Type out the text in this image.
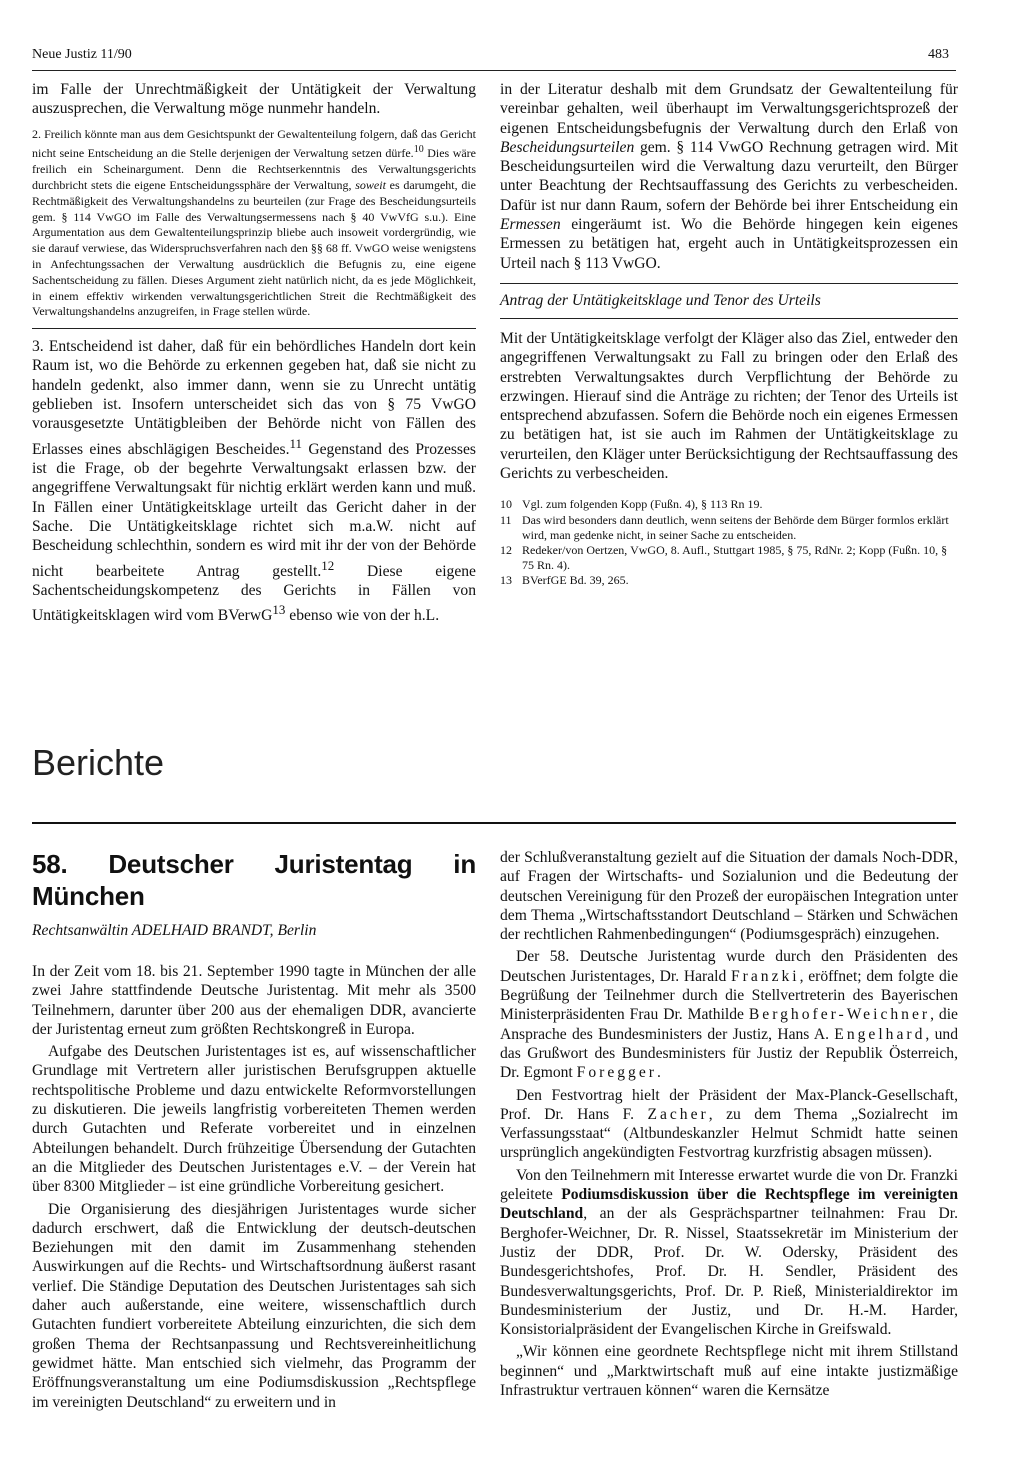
Neue Justiz 11/90	483

im Falle der Unrechtmäßigkeit der Untätigkeit der Verwaltung auszusprechen, die Verwaltung möge nunmehr handeln.

2. Freilich könnte man aus dem Gesichtspunkt der Gewaltenteilung folgern, daß das Gericht nicht seine Entscheidung an die Stelle derjenigen der Verwaltung setzen dürfe.$^{10}$ Dies wäre freilich ein Scheinargument. Denn die Rechtserkenntnis des Verwaltungsgerichts durchbricht stets die eigene Entscheidungssphäre der Verwaltung, soweit es darumgeht, die Rechtmäßigkeit des Verwaltungshandelns zu beurteilen (zur Frage des Bescheidungsurteils gem. § 114 VwGO im Falle des Verwaltungsermessens nach § 40 VwVfG s.u.). Eine Argumentation aus dem Gewaltenteilungsprinzip bliebe auch insoweit vordergründig, wie sie darauf verwiese, das Widerspruchsverfahren nach den §§ 68 ff. VwGO weise wenigstens in Anfechtungssachen der Verwaltung ausdrücklich die Befugnis zu, eine eigene Sachentscheidung zu fällen. Dieses Argument zieht natürlich nicht, da es jede Möglichkeit, in einem effektiv wirkenden verwaltungsgerichtlichen Streit die Rechtmäßigkeit des Verwaltungshandelns anzugreifen, in Frage stellen würde.

3. Entscheidend ist daher, daß für ein behördliches Handeln dort kein Raum ist, wo die Behörde zu erkennen gegeben hat, daß sie nicht zu handeln gedenkt, also immer dann, wenn sie zu Unrecht untätig geblieben ist. Insofern unterscheidet sich das von § 75 VwGO vorausgesetzte Untätigbleiben der Behörde nicht von Fällen des Erlasses eines abschlägigen Bescheides.$^{11}$ Gegenstand des Prozesses ist die Frage, ob der begehrte Verwaltungsakt erlassen bzw. der angegriffene Verwaltungsakt für nichtig erklärt werden kann und muß. In Fällen einer Untätigkeitsklage urteilt das Gericht daher in der Sache. Die Untätigkeitsklage richtet sich m.a.W. nicht auf Bescheidung schlechthin, sondern es wird mit ihr der von der Behörde nicht bearbeitete Antrag gestellt.$^{12}$ Diese eigene Sachentscheidungskompetenz des Gerichts in Fällen von Untätigkeitsklagen wird vom BVerwG$^{13}$ ebenso wie von der h.L.

in der Literatur deshalb mit dem Grundsatz der Gewaltenteilung für vereinbar gehalten, weil überhaupt im Verwaltungsgerichtsprozeß der eigenen Entscheidungsbefugnis der Verwaltung durch den Erlaß von Bescheidungsurteilen gem. § 114 VwGO Rechnung getragen wird. Mit Bescheidungsurteilen wird die Verwaltung dazu verurteilt, den Bürger unter Beachtung der Rechtsauffassung des Gerichts zu verbescheiden. Dafür ist nur dann Raum, sofern der Behörde bei ihrer Entscheidung ein Ermessen eingeräumt ist. Wo die Behörde hingegen kein eigenes Ermessen zu betätigen hat, ergeht auch in Untätigkeitsprozessen ein Urteil nach § 113 VwGO.

Antrag der Untätigkeitsklage und Tenor des Urteils

Mit der Untätigkeitsklage verfolgt der Kläger also das Ziel, entweder den angegriffenen Verwaltungsakt zu Fall zu bringen oder den Erlaß des erstrebten Verwaltungsaktes durch Verpflichtung der Behörde zu erzwingen. Hierauf sind die Anträge zu richten; der Tenor des Urteils ist entsprechend abzufassen. Sofern die Behörde noch ein eigenes Ermessen zu betätigen hat, ist sie auch im Rahmen der Untätigkeitsklage zu verurteilen, den Kläger unter Berücksichtigung der Rechtsauffassung des Gerichts zu verbescheiden.

10 Vgl. zum folgenden Kopp (Fußn. 4), § 113 Rn 19.
11 Das wird besonders dann deutlich, wenn seitens der Behörde dem Bürger formlos erklärt wird, man gedenke nicht, in seiner Sache zu entscheiden.
12 Redeker/von Oertzen, VwGO, 8. Aufl., Stuttgart 1985, § 75, RdNr. 2; Kopp (Fußn. 10, § 75 Rn. 4).
13 BVerfGE Bd. 39, 265.
Berichte
58. Deutscher Juristentag in München
Rechtsanwältin ADELHAID BRANDT, Berlin

In der Zeit vom 18. bis 21. September 1990 tagte in München der alle zwei Jahre stattfindende Deutsche Juristentag. Mit mehr als 3500 Teilnehmern, darunter über 200 aus der ehemaligen DDR, avancierte der Juristentag erneut zum größten Rechtskongreß in Europa.

Aufgabe des Deutschen Juristentages ist es, auf wissenschaftlicher Grundlage mit Vertretern aller juristischen Berufsgruppen aktuelle rechtspolitische Probleme und dazu entwickelte Reformvorstellungen zu diskutieren. Die jeweils langfristig vorbereiteten Themen werden durch Gutachten und Referate vorbereitet und in einzelnen Abteilungen behandelt. Durch frühzeitige Übersendung der Gutachten an die Mitglieder des Deutschen Juristentages e.V. – der Verein hat über 8300 Mitglieder – ist eine gründliche Vorbereitung gesichert.

Die Organisierung des diesjährigen Juristentages wurde sicher dadurch erschwert, daß die Entwicklung der deutsch-deutschen Beziehungen mit den damit im Zusammenhang stehenden Auswirkungen auf die Rechts- und Wirtschaftsordnung äußerst rasant verlief. Die Ständige Deputation des Deutschen Juristentages sah sich daher auch außerstande, eine weitere, wissenschaftlich durch Gutachten fundiert vorbereitete Abteilung einzurichten, die sich dem großen Thema der Rechtsanpassung und Rechtsvereinheitlichung gewidmet hätte. Man entschied sich vielmehr, das Programm der Eröffnungsveranstaltung um eine Podiumsdiskussion „Rechtspflege im vereinigten Deutschland“ zu erweitern und in

der Schlußveranstaltung gezielt auf die Situation der damals Noch-DDR, auf Fragen der Wirtschafts- und Sozialunion und die Bedeutung der deutschen Vereinigung für den Prozeß der europäischen Integration unter dem Thema „Wirtschaftsstandort Deutschland – Stärken und Schwächen der rechtlichen Rahmenbedingungen“ (Podiumsgespräch) einzugehen.

Der 58. Deutsche Juristentag wurde durch den Präsidenten des Deutschen Juristentages, Dr. Harald Franzki, eröffnet; dem folgte die Begrüßung der Teilnehmer durch die Stellvertreterin des Bayerischen Ministerpräsidenten Frau Dr. Mathilde Berghofer-Weichner, die Ansprache des Bundesministers der Justiz, Hans A. Engelhard, und das Grußwort des Bundesministers für Justiz der Republik Österreich, Dr. Egmont Foregger.

Den Festvortrag hielt der Präsident der Max-Planck-Gesellschaft, Prof. Dr. Hans F. Zacher, zu dem Thema „Sozialrecht im Verfassungsstaat“ (Altbundeskanzler Helmut Schmidt hatte seinen ursprünglich angekündigten Festvortrag kurzfristig absagen müssen).

Von den Teilnehmern mit Interesse erwartet wurde die von Dr. Franzki geleitete Podiumsdiskussion über die Rechtspflege im vereinigten Deutschland, an der als Gesprächspartner teilnahmen: Frau Dr. Berghofer-Weichner, Dr. R. Nissel, Staatssekretär im Ministerium der Justiz der DDR, Prof. Dr. W. Odersky, Präsident des Bundesgerichtshofes, Prof. Dr. H. Sendler, Präsident des Bundesverwaltungsgerichts, Prof. Dr. P. Rieß, Ministerialdirektor im Bundesministerium der Justiz, und Dr. H.-M. Harder, Konsistorialpräsident der Evangelischen Kirche in Greifswald.

„Wir können eine geordnete Rechtspflege nicht mit ihrem Stillstand beginnen“ und „Marktwirtschaft muß auf eine intakte justizmäßige Infrastruktur vertrauen können“ waren die Kernsätze
